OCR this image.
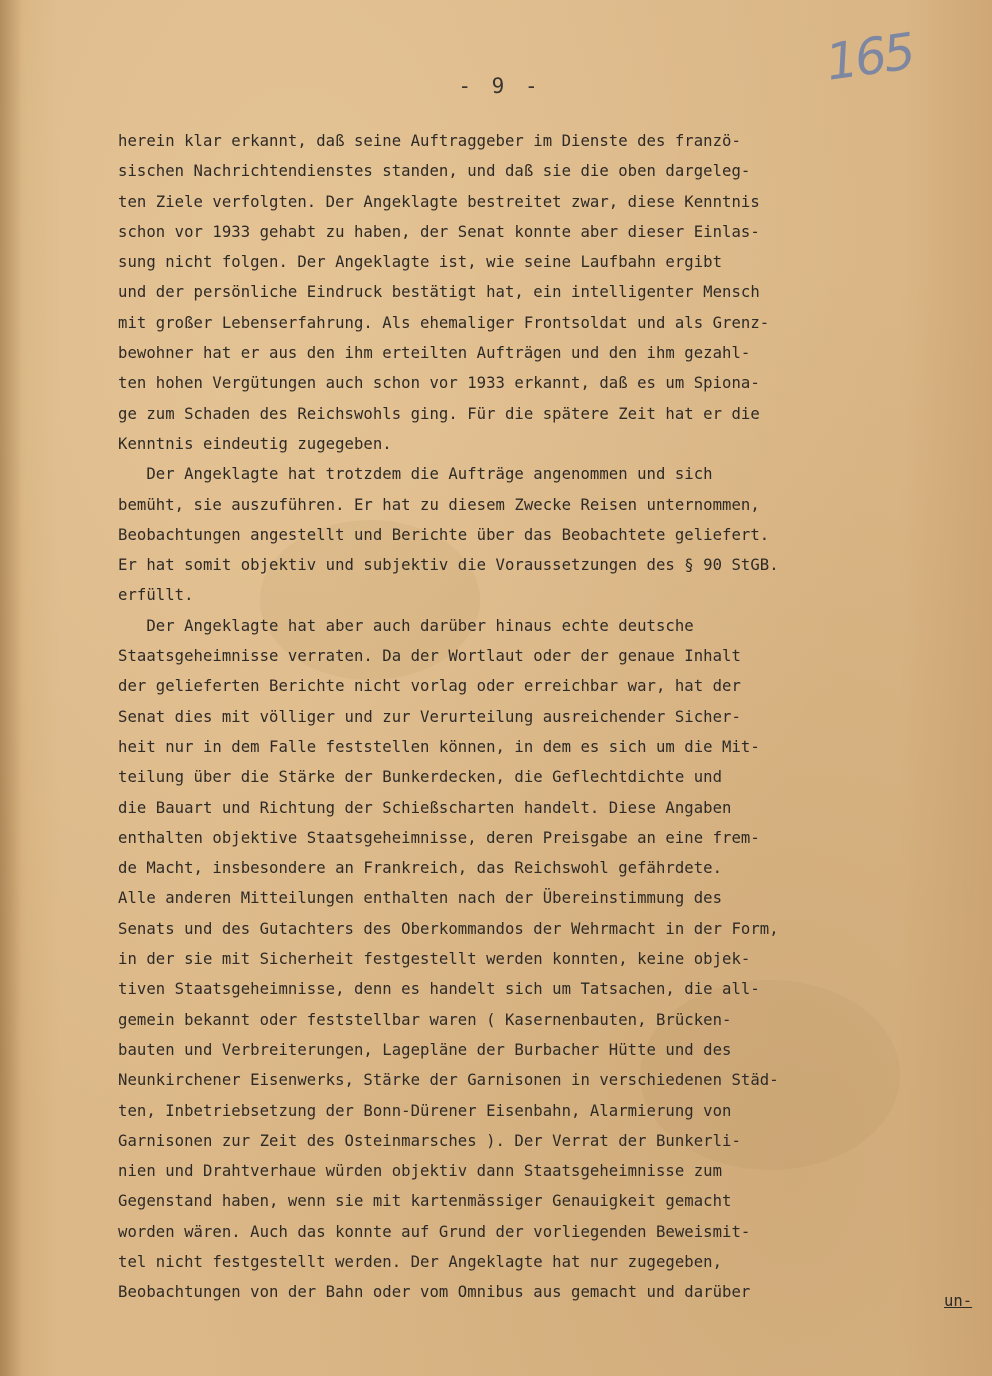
165
- 9 -
herein klar erkannt, daß seine Auftraggeber im Dienste des franzö-
sischen Nachrichtendienstes standen, und daß sie die oben dargeleg-
ten Ziele verfolgten. Der Angeklagte bestreitet zwar, diese Kenntnis
schon vor 1933 gehabt zu haben, der Senat konnte aber dieser Einlas-
sung nicht folgen. Der Angeklagte ist, wie seine Laufbahn ergibt
und der persönliche Eindruck bestätigt hat, ein intelligenter Mensch
mit großer Lebenserfahrung. Als ehemaliger Frontsoldat und als Grenz-
bewohner hat er aus den ihm erteilten Aufträgen und den ihm gezahl-
ten hohen Vergütungen auch schon vor 1933 erkannt, daß es um Spiona-
ge zum Schaden des Reichswohls ging. Für die spätere Zeit hat er die
Kenntnis eindeutig zugegeben.
Der Angeklagte hat trotzdem die Aufträge angenommen und sich
bemüht, sie auszuführen. Er hat zu diesem Zwecke Reisen unternommen,
Beobachtungen angestellt und Berichte über das Beobachtete geliefert.
Er hat somit objektiv und subjektiv die Voraussetzungen des § 90 StGB.
erfüllt.
Der Angeklagte hat aber auch darüber hinaus echte deutsche
Staatsgeheimnisse verraten. Da der Wortlaut oder der genaue Inhalt
der gelieferten Berichte nicht vorlag oder erreichbar war, hat der
Senat dies mit völliger und zur Verurteilung ausreichender Sicher-
heit nur in dem Falle feststellen können, in dem es sich um die Mit-
teilung über die Stärke der Bunkerdecken, die Geflechtdichte und
die Bauart und Richtung der Schießscharten handelt. Diese Angaben
enthalten objektive Staatsgeheimnisse, deren Preisgabe an eine frem-
de Macht, insbesondere an Frankreich, das Reichswohl gefährdete.
Alle anderen Mitteilungen enthalten nach der Übereinstimmung des
Senats und des Gutachters des Oberkommandos der Wehrmacht in der Form,
in der sie mit Sicherheit festgestellt werden konnten, keine objek-
tiven Staatsgeheimnisse, denn es handelt sich um Tatsachen, die all-
gemein bekannt oder feststellbar waren ( Kasernenbauten, Brücken-
bauten und Verbreiterungen, Lagepläne der Burbacher Hütte und des
Neunkirchener Eisenwerks, Stärke der Garnisonen in verschiedenen Städ-
ten, Inbetriebsetzung der Bonn-Dürener Eisenbahn, Alarmierung von
Garnisonen zur Zeit des Osteinmarsches ). Der Verrat der Bunkerli-
nien und Drahtverhaue würden objektiv dann Staatsgeheimnisse zum
Gegenstand haben, wenn sie mit kartenmässiger Genauigkeit gemacht
worden wären. Auch das konnte auf Grund der vorliegenden Beweismit-
tel nicht festgestellt werden. Der Angeklagte hat nur zugegeben,
Beobachtungen von der Bahn oder vom Omnibus aus gemacht und darüber	un-
